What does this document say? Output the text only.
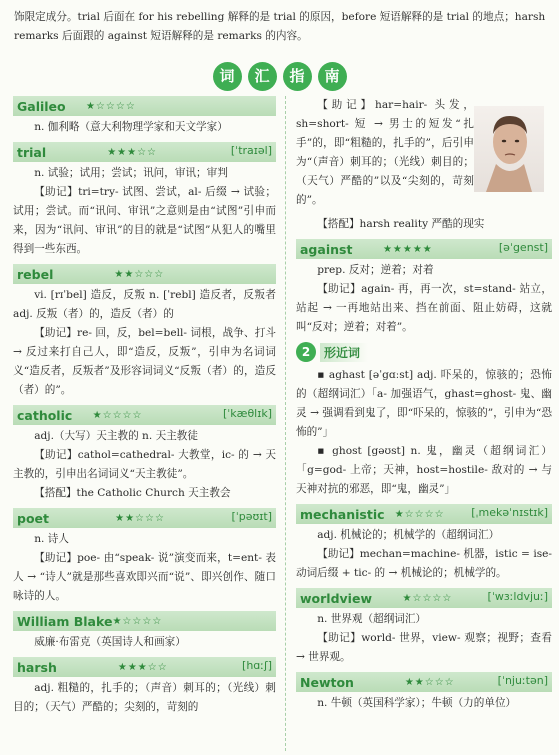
饰限定成分。trial 后面在 for his rebelling 解释的是 trial 的原因，before 短语解释的是 trial 的地点；harsh remarks 后面跟的 against 短语解释的是 remarks 的内容。
词 汇 指 南
Galileo
★☆☆☆☆

n. 伽利略（意大利物理学家和天文学家）

trial
	★★★☆☆	[ˈtraɪəl]

n. 试验；试用；尝试；讯问，审讯；审判

【助记】tri=try- 试图、尝试，al- 后缀 → 试验；试用；尝试。而“讯问、审讯”之意则是由“试图”引申而来，因为“讯问、审讯”的目的就是“试图”从犯人的嘴里得到一些东西。

rebel
	★★☆☆☆

vi. [rɪˈbel] 造反，反叛 n. [ˈrebl] 造反者，反叛者 adj. 反叛（者）的，造反（者）的

【助记】re- 回，反，bel=bell- 词根，战争、打斗 → 反过来打自己人，即“造反，反叛”，引申为名词词义“造反者，反叛者”及形容词词义“反叛（者）的，造反（者）的”。

catholic
★☆☆☆☆	[ˈkæθlɪk]

adj.（大写）天主教的 n. 天主教徒

【助记】cathol=cathedral- 大教堂，ic- 的 → 天主教的，引申出名词词义“天主教徒”。

【搭配】the Catholic Church 天主教会

poet
	★★☆☆☆	[ˈpəʊɪt]

n. 诗人

【助记】poe- 由“speak- 说”演变而来，t=ent- 表人 → “诗人”就是那些喜欢即兴而“说”、即兴创作、随口咏诗的人。

William Blake ★☆☆☆☆

威廉·布雷克（英国诗人和画家）

harsh
	★★★☆☆	[hɑːʃ]

adj. 粗糙的，扎手的；（声音）刺耳的；（光线）刺目的；（天气）严酷的；尖刻的，苛刻的

【助记】har=hair- 头发，sh=short- 短 → 男士的短发“扎手”的，即“粗糙的，扎手的”，后引申为“（声音）刺耳的；（光线）刺目的；（天气）严酷的”以及“尖刻的，苛刻的”。

【搭配】harsh reality 严酷的现实

against
	★★★★★	[əˈgenst]

prep. 反对；逆着；对着

【助记】again- 再，再一次，st=stand- 站立，站起 → 一再地站出来、挡在前面、阻止妨碍，这就叫“反对；逆着；对着”。

2	形近词

▪ aghast [əˈgɑːst] adj. 吓呆的，惊骇的；恐怖的（超纲词汇）「a- 加强语气，ghast=ghost- 鬼、幽灵 → 强调看到鬼了，即“吓呆的，惊骇的”，引申为“恐怖的”」

▪ ghost [gəʊst] n. 鬼，幽灵（超纲词汇）「g=god- 上帝；天神，host=hostile- 敌对的 → 与天神对抗的邪恶，即“鬼，幽灵”」

mechanistic
★☆☆☆☆ [ˌmekəˈnɪstɪk]

adj. 机械论的；机械学的（超纲词汇）

【助记】mechan=machine- 机器，istic = ise- 动词后缀 + tic- 的 → 机械论的；机械学的。

worldview
	★☆☆☆☆	[ˈwɜːldvjuː]

n. 世界观（超纲词汇）

【助记】world- 世界，view- 观察；视野；查看 → 世界观。

Newton
	★★☆☆☆	[ˈnjuːtən]

n. 牛顿（英国科学家）；牛顿（力的单位）
